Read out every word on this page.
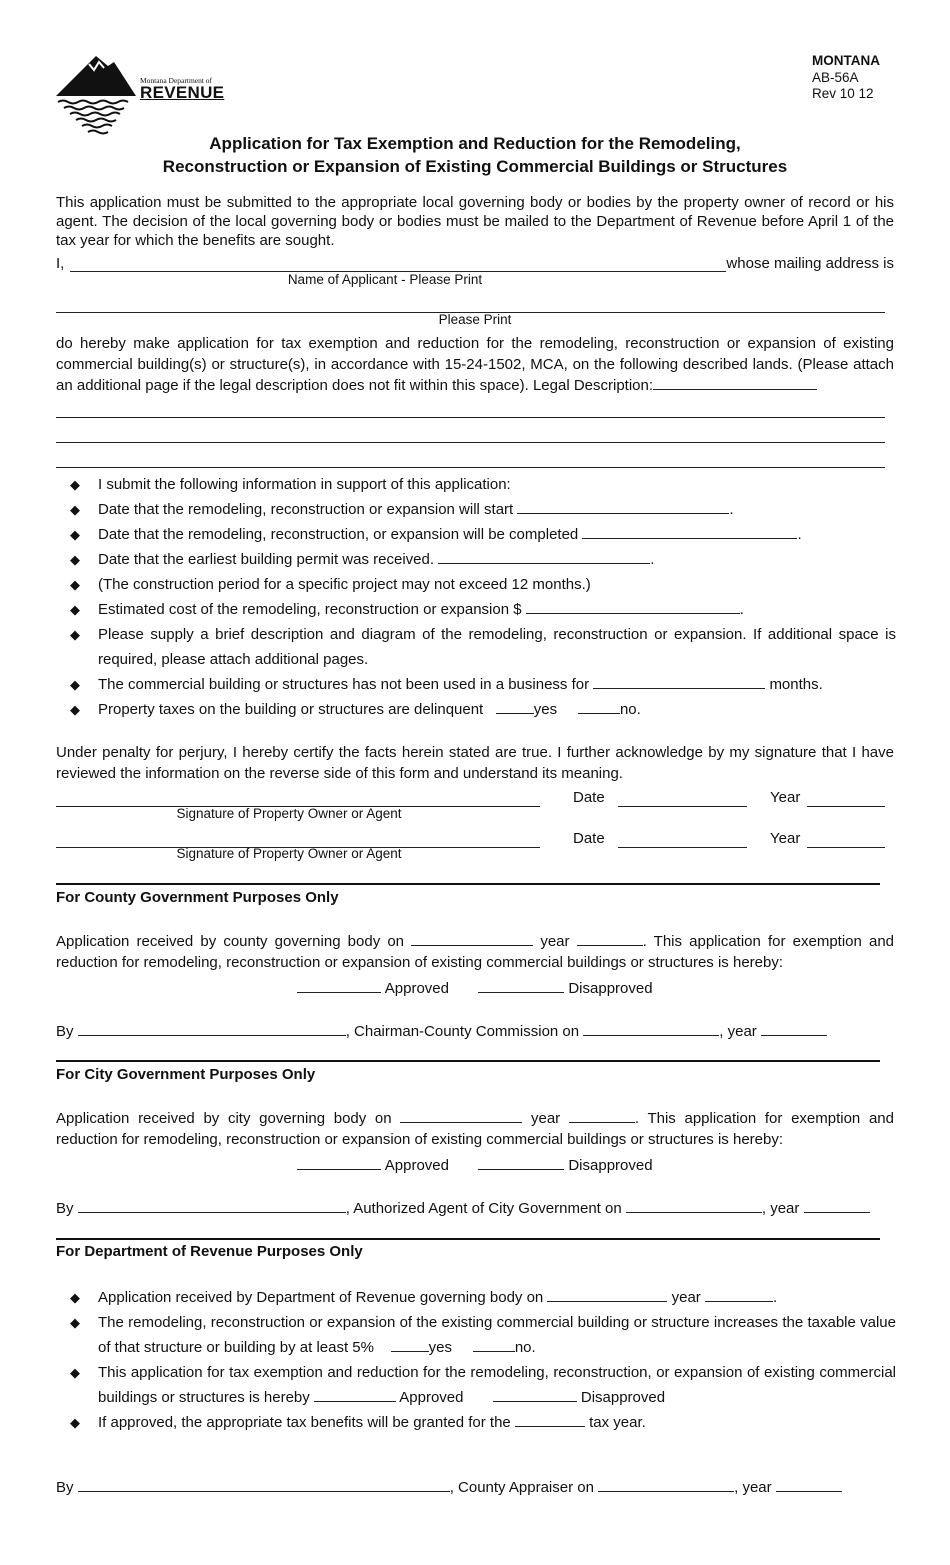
Montana Department of
REVENUE
MONTANA
AB-56A
Rev 10 12
Application for Tax Exemption and Reduction for the Remodeling,
Reconstruction or Expansion of Existing Commercial Buildings or Structures
This application must be submitted to the appropriate local governing body or bodies by the property owner of record or his agent. The decision of the local governing body or bodies must be mailed to the Department of Revenue before April 1 of the tax year for which the benefits are sought.
I,	whose mailing address is
Name of Applicant - Please Print
Please Print
do hereby make application for tax exemption and reduction for the remodeling, reconstruction or expansion of existing commercial building(s) or structure(s), in accordance with 15-24-1502, MCA, on the following described lands. (Please attach an additional page if the legal description does not fit within this space). Legal Description:
◆ I submit the following information in support of this application:
◆ Date that the remodeling, reconstruction or expansion will start	.
◆ Date that the remodeling, reconstruction, or expansion will be completed	.
◆ Date that the earliest building permit was received.	.
◆ (The construction period for a specific project may not exceed 12 months.)
◆ Estimated cost of the remodeling, reconstruction or expansion $	.
◆ Please supply a brief description and diagram of the remodeling, reconstruction or expansion. If additional space is required, please attach additional pages.
◆ The commercial building or structures has not been used in a business for	months.
◆ Property taxes on the building or structures are delinquent	yes	no.
Under penalty for perjury, I hereby certify the facts herein stated are true. I further acknowledge by my signature that I have reviewed the information on the reverse side of this form and understand its meaning.
Date	Year
Signature of Property Owner or Agent
Date	Year
Signature of Property Owner or Agent
For County Government Purposes Only
Application received by county governing body on	year	. This application for exemption and reduction for remodeling, reconstruction or expansion of existing commercial buildings or structures is hereby:
Approved	Disapproved
By	, Chairman-County Commission on	, year
For City Government Purposes Only
Application received by city governing body on	year	. This application for exemption and reduction for remodeling, reconstruction or expansion of existing commercial buildings or structures is hereby:
Approved	Disapproved
By	, Authorized Agent of City Government on	, year
For Department of Revenue Purposes Only
◆ Application received by Department of Revenue governing body on	year	.
◆ The remodeling, reconstruction or expansion of the existing commercial building or structure increases the taxable value of that structure or building by at least 5%	yes	no.
◆ This application for tax exemption and reduction for the remodeling, reconstruction, or expansion of existing commercial buildings or structures is hereby	Approved	Disapproved
◆ If approved, the appropriate tax benefits will be granted for the	tax year.
By	, County Appraiser on	, year
